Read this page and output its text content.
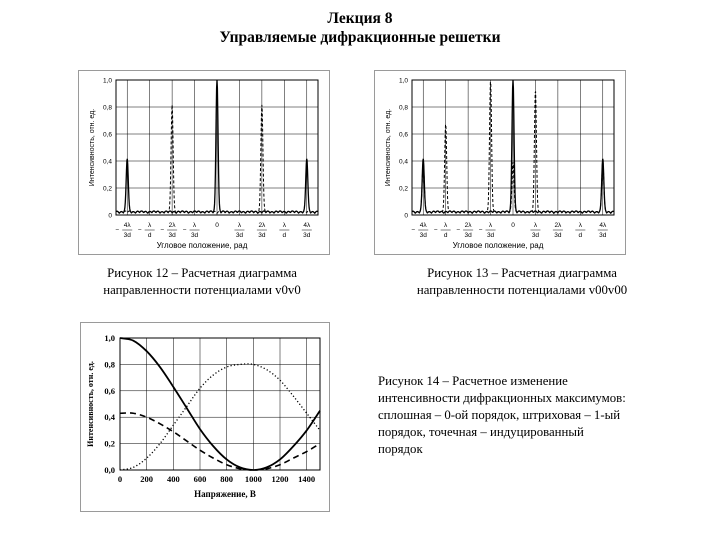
Лекция 8
Управляемые дифракционные решетки
0
0,2
0,4
0,6
0,8
1,0
4λ
3d
−
λ
d
−
2λ
3d
−
λ
3d
−
0	λ
3d
2λ
3d
λ
d
4λ
3d
Угловое положение, рад
Интенсивность, отн. ед.
0
0,2
0,4
0,6
0,8
1,0
4λ
3d
−
λ
d
−
2λ
3d
−
λ
3d
−
0	λ
3d
2λ
3d
λ
d
4λ
3d
Угловое положение, рад
Интенсивность, отн. ед.
0 200 400 600 800 1000 1200 1400
0,0
0,2
0,4
0,6
0,8
1,0
Напряжение, В
Интенсивность, отн. ед.
Рисунок 12 – Расчетная диаграмма
направленности потенциалами v0v0
Рисунок 13 – Расчетная диаграмма
направленности потенциалами v00v00
Рисунок 14 – Расчетное изменение
интенсивности дифракционных максимумов:
сплошная – 0-ой порядок, штриховая – 1-ый
порядок, точечная – индуцированный
порядок
